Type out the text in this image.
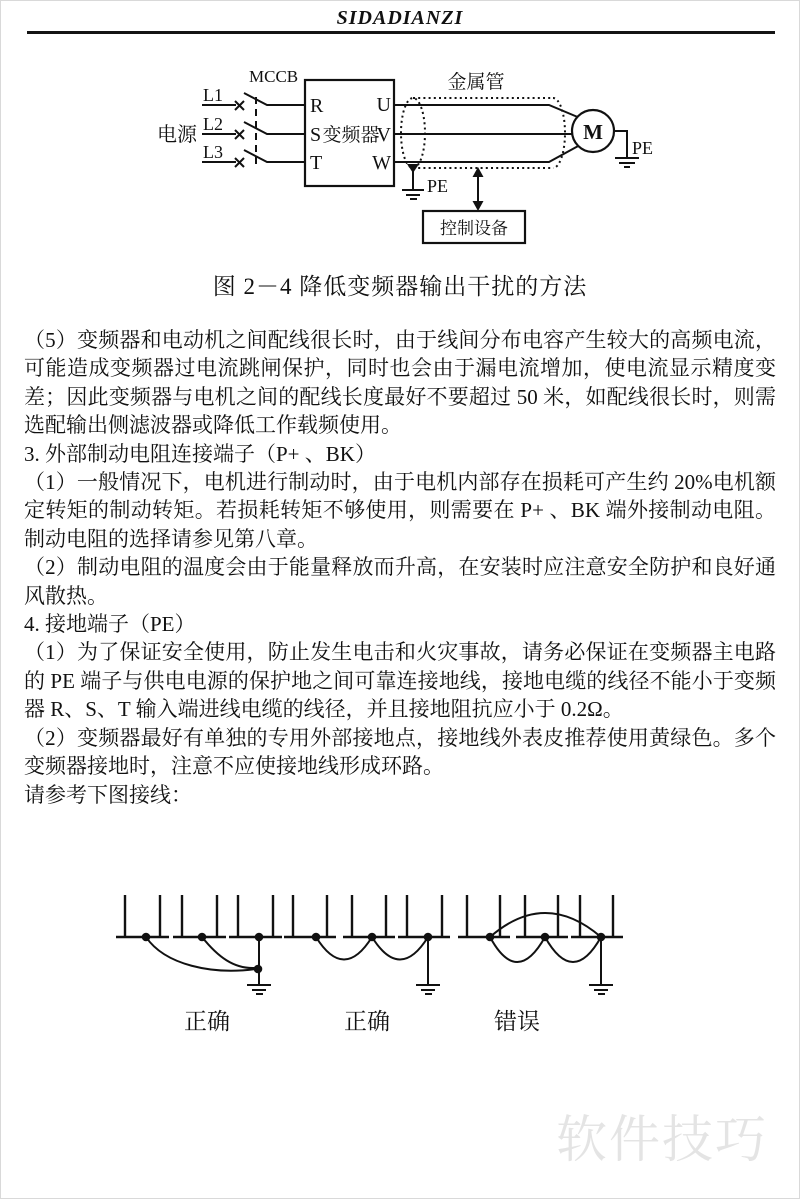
SIDADIANZI
电源
L1
L2
L3
MCCB
R
S
T
变频器
U
V
W
金属管
M
PE
PE
控制设备
图 2－4 降低变频器输出干扰的方法

（5）变频器和电动机之间配线很长时，由于线间分布电容产生较大的高频电流，可能造成变频器过电流跳闸保护，同时也会由于漏电流增加，使电流显示精度变差；因此变频器与电机之间的配线长度最好不要超过 50 米，如配线很长时，则需选配输出侧滤波器或降低工作载频使用。

3. 外部制动电阻连接端子（P+ 、BK）

（1）一般情况下，电机进行制动时，由于电机内部存在损耗可产生约 20%电机额定转矩的制动转矩。若损耗转矩不够使用，则需要在 P+ 、BK 端外接制动电阻。制动电阻的选择请参见第八章。

（2）制动电阻的温度会由于能量释放而升高，在安装时应注意安全防护和良好通风散热。

4. 接地端子（PE）

（1）为了保证安全使用，防止发生电击和火灾事故，请务必保证在变频器主电路的 PE 端子与供电电源的保护地之间可靠连接地线，接地电缆的线径不能小于变频器 R、S、T 输入端进线电缆的线径，并且接地阻抗应小于 0.2Ω。

（2）变频器最好有单独的专用外部接地点，接地线外表皮推荐使用黄绿色。多个变频器接地时，注意不应使接地线形成环路。

请参考下图接线：

正确	正确	错误
软件技巧
